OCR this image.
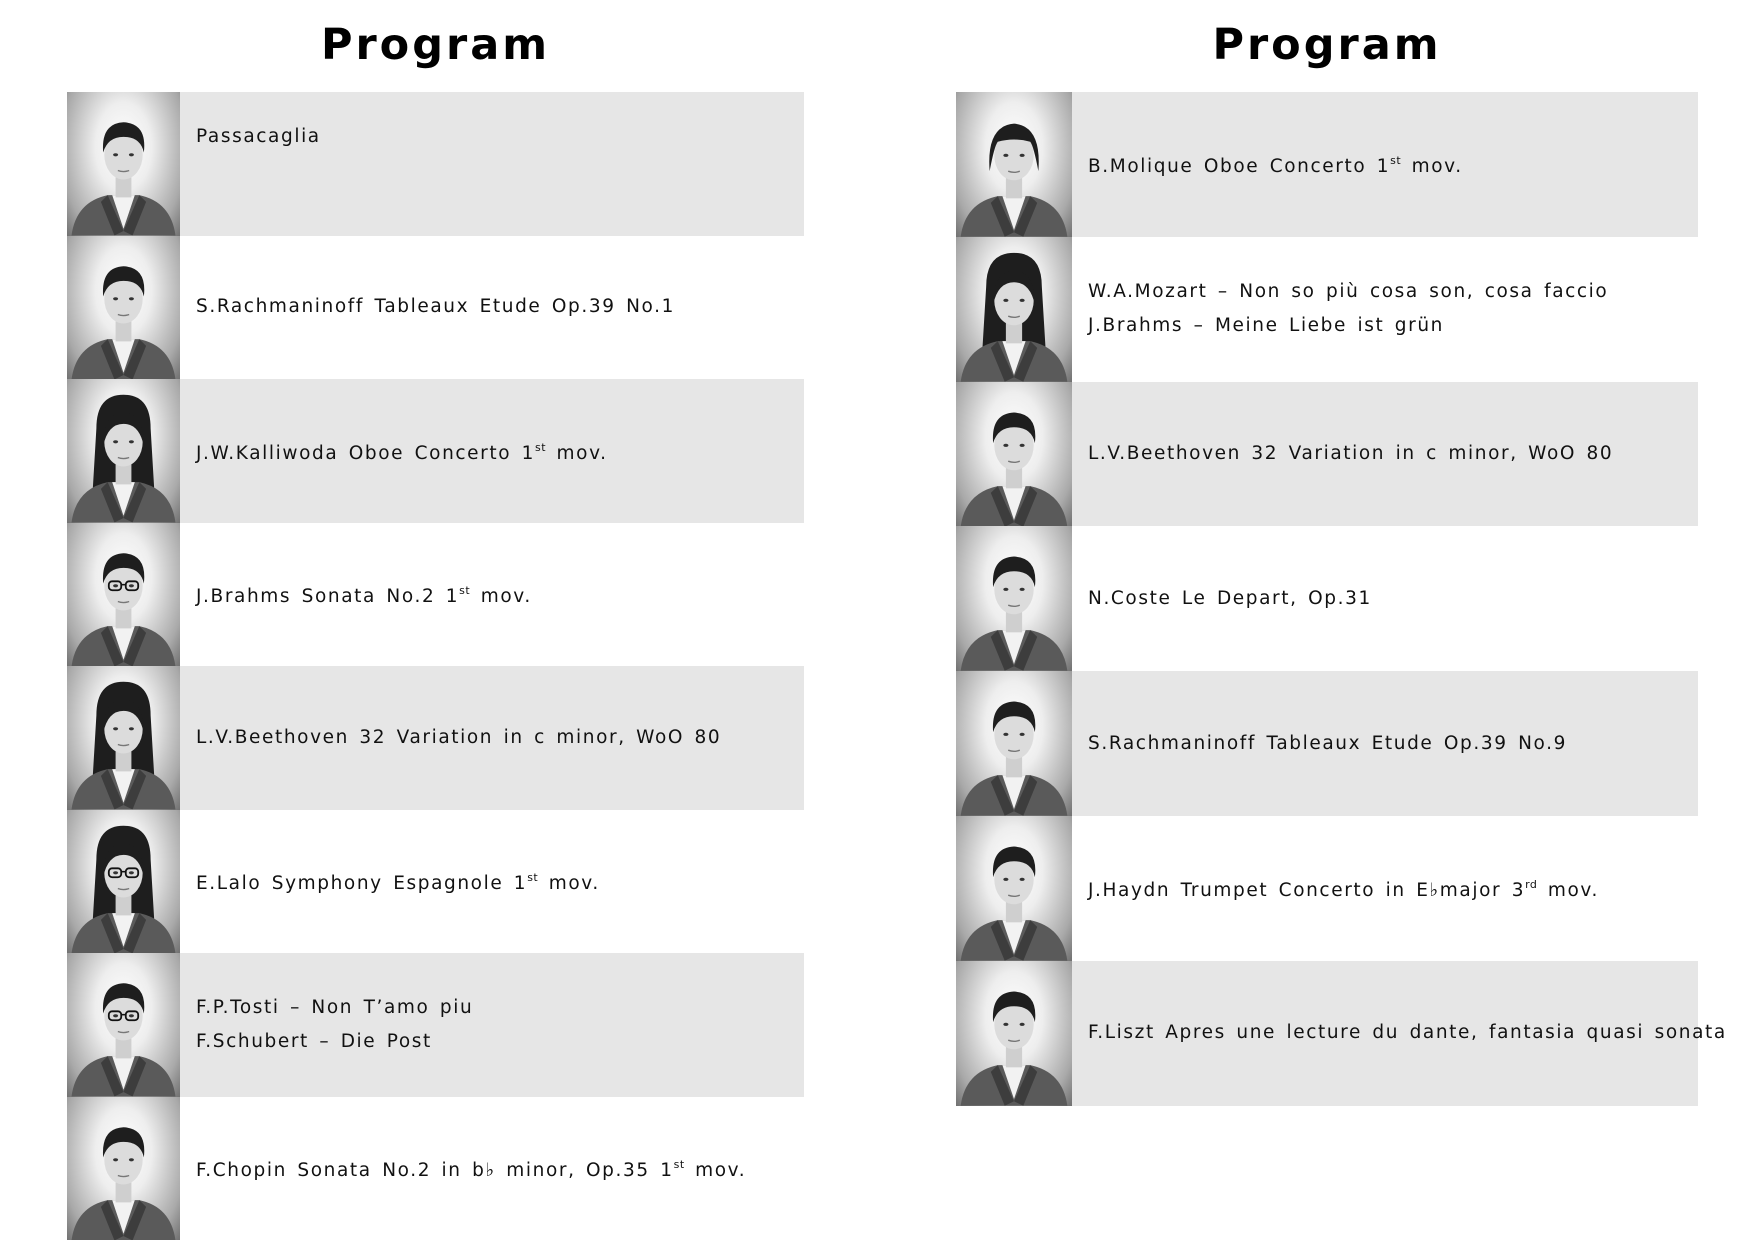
Program	Program
Passacaglia
S.Rachmaninoff Tableaux Etude Op.39 No.1
J.W.Kalliwoda Oboe Concerto 1st mov.
J.Brahms Sonata No.2 1st mov.
L.V.Beethoven 32 Variation in c minor, WoO 80
E.Lalo Symphony Espagnole 1st mov.
F.P.Tosti – Non T’amo piu
F.Schubert – Die Post
F.Chopin Sonata No.2 in b♭ minor, Op.35 1st mov.
B.Molique Oboe Concerto 1st mov.
W.A.Mozart – Non so più cosa son, cosa faccio
J.Brahms – Meine Liebe ist grün
L.V.Beethoven 32 Variation in c minor, WoO 80
N.Coste Le Depart, Op.31
S.Rachmaninoff Tableaux Etude Op.39 No.9
J.Haydn Trumpet Concerto in E♭major 3rd mov.
F.Liszt Apres une lecture du dante, fantasia quasi sonata
